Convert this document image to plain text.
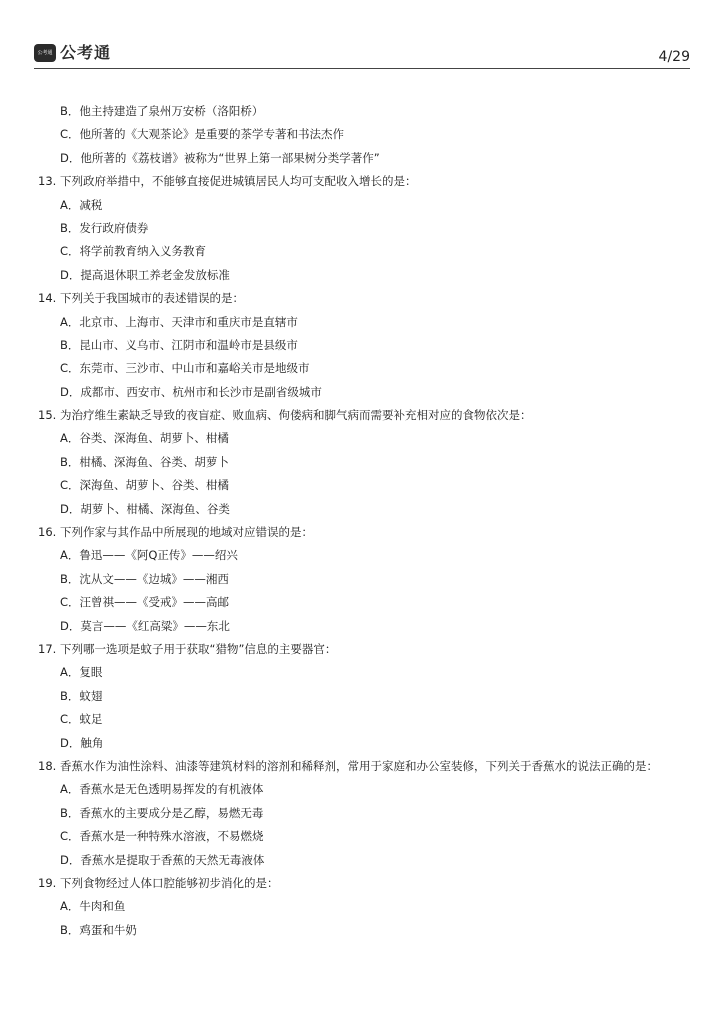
公考通 公考通	4/29
B．他主持建造了泉州万安桥（洛阳桥）
C．他所著的《大观茶论》是重要的茶学专著和书法杰作
D．他所著的《荔枝谱》被称为“世界上第一部果树分类学著作”
13. 下列政府举措中，不能够直接促进城镇居民人均可支配收入增长的是：
A．减税
B．发行政府债券
C．将学前教育纳入义务教育
D．提高退休职工养老金发放标准
14. 下列关于我国城市的表述错误的是：
A．北京市、上海市、天津市和重庆市是直辖市
B．昆山市、义乌市、江阴市和温岭市是县级市
C．东莞市、三沙市、中山市和嘉峪关市是地级市
D．成都市、西安市、杭州市和长沙市是副省级城市
15. 为治疗维生素缺乏导致的夜盲症、败血病、佝偻病和脚气病而需要补充相对应的食物依次是：
A．谷类、深海鱼、胡萝卜、柑橘
B．柑橘、深海鱼、谷类、胡萝卜
C．深海鱼、胡萝卜、谷类、柑橘
D．胡萝卜、柑橘、深海鱼、谷类
16. 下列作家与其作品中所展现的地域对应错误的是：
A．鲁迅——《阿Q正传》——绍兴
B．沈从文——《边城》——湘西
C．汪曾祺——《受戒》——高邮
D．莫言——《红高粱》——东北
17. 下列哪一选项是蚊子用于获取“猎物”信息的主要器官：
A．复眼
B．蚊翅
C．蚊足
D．触角
18. 香蕉水作为油性涂料、油漆等建筑材料的溶剂和稀释剂，常用于家庭和办公室装修，下列关于香蕉水的说法正确的是：
A．香蕉水是无色透明易挥发的有机液体
B．香蕉水的主要成分是乙醇，易燃无毒
C．香蕉水是一种特殊水溶液，不易燃烧
D．香蕉水是提取于香蕉的天然无毒液体
19. 下列食物经过人体口腔能够初步消化的是：
A．牛肉和鱼
B．鸡蛋和牛奶
